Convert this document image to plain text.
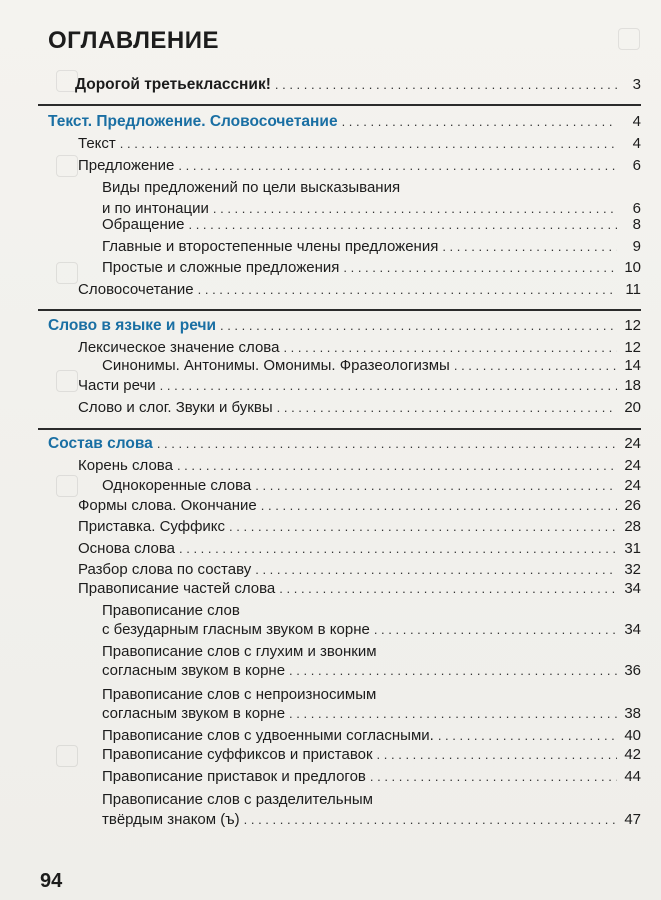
ОГЛАВЛЕНИЕ
Дорогой третьеклассник! . . .	3
Текст. Предложение. Словосочетание . . .	4
Текст . . .	4
Предложение . . .	6
Виды предложений по цели высказывания
и по интонации . . .	6
Обращение . . .	8
Главные и второстепенные члены предложения . . .	9
Простые и сложные предложения . . .	10
Словосочетание . . .	11
Слово в языке и речи . . .	12
Лексическое значение слова . . .	12
Синонимы. Антонимы. Омонимы. Фразеологизмы . . .	14
Части речи . . .	18
Слово и слог. Звуки и буквы . . .	20
Состав слова . . .	24
Корень слова . . .	24
Однокоренные слова . . .	24
Формы слова. Окончание . . .	26
Приставка. Суффикс . . .	28
Основа слова . . .	31
Разбор слова по составу . . .	32
Правописание частей слова . . .	34
Правописание слов
с безударным гласным звуком в корне . . .	34
Правописание слов с глухим и звонким
согласным звуком в корне . . .	36
Правописание слов с непроизносимым
согласным звуком в корне . . .	38
Правописание слов с удвоенными согласными. . . .	40
Правописание суффиксов и приставок . . .	42
Правописание приставок и предлогов . . .	44
Правописание слов с разделительным
твёрдым знаком (ъ) . . .	47
94
